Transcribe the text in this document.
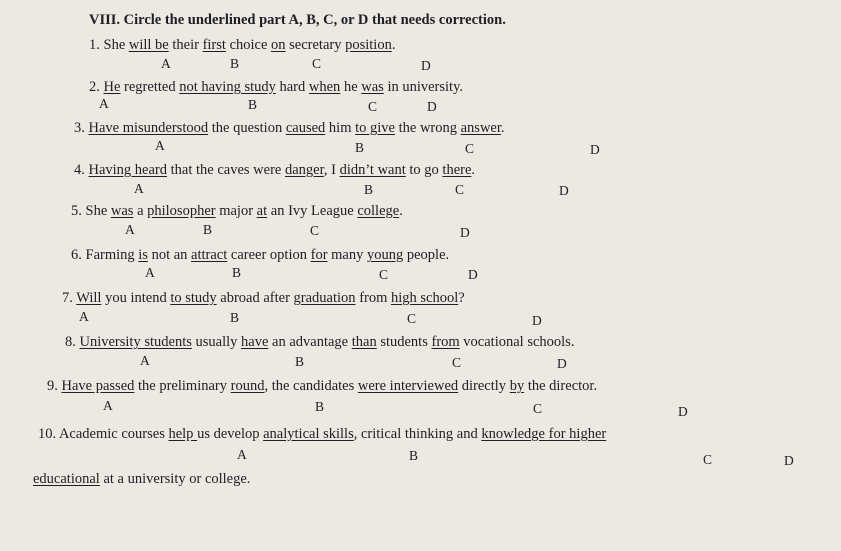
VIII. Circle the underlined part A, B, C, or D that needs correction.
1. She will be their first choice on secretary position.
A	B	C	D
2. He regretted not having study hard when he was in university.
A	B	C	D
3. Have misunderstood the question caused him to give the wrong answer.
A	B	C	D
4. Having heard that the caves were danger, I didn’t want to go there.
A	B	C	D
5. She was a philosopher major at an Ivy League college.
A	B	C	D
6. Farming is not an attract career option for many young people.
A	B	C	D
7. Will you intend to study abroad after graduation from high school?
A	B	C	D
8. University students usually have an advantage than students from vocational schools.
A	B	C	D
9. Have passed the preliminary round, the candidates were interviewed directly by the director.
A	B	C	D
10. Academic courses help us develop analytical skills, critical thinking and knowledge for higher
A	B	C	D
educational at a university or college.
